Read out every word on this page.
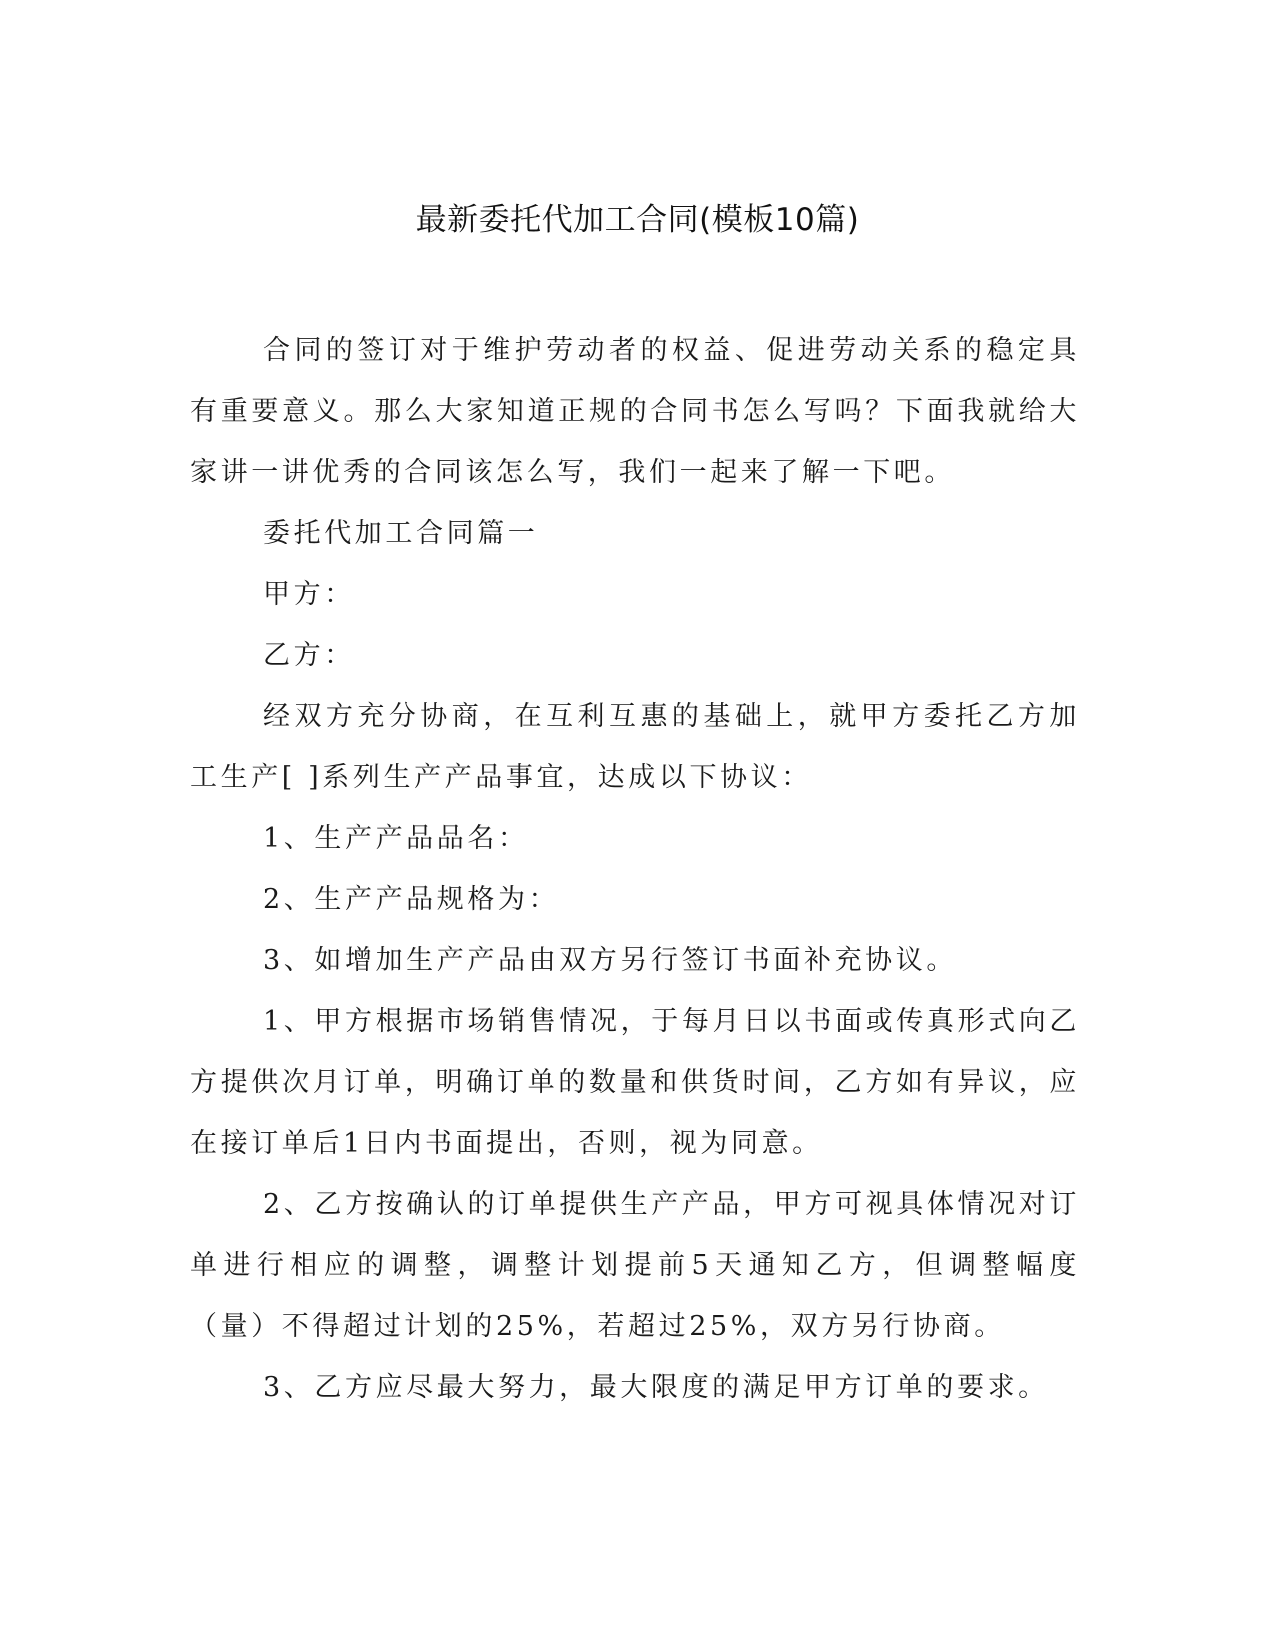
最新委托代加工合同(模板10篇)

合同的签订对于维护劳动者的权益、促进劳动关系的稳定具有重要意义。那么大家知道正规的合同书怎么写吗？下面我就给大家讲一讲优秀的合同该怎么写，我们一起来了解一下吧。

委托代加工合同篇一

甲方：

乙方：

经双方充分协商，在互利互惠的基础上，就甲方委托乙方加工生产[ ]系列生产产品事宜，达成以下协议：

1、生产产品品名：

2、生产产品规格为：

3、如增加生产产品由双方另行签订书面补充协议。

1、甲方根据市场销售情况，于每月日以书面或传真形式向乙方提供次月订单，明确订单的数量和供货时间，乙方如有异议，应在接订单后1日内书面提出，否则，视为同意。

2、乙方按确认的订单提供生产产品，甲方可视具体情况对订单进行相应的调整，调整计划提前5天通知乙方，但调整幅度（量）不得超过计划的25%，若超过25%，双方另行协商。

3、乙方应尽最大努力，最大限度的满足甲方订单的要求。
